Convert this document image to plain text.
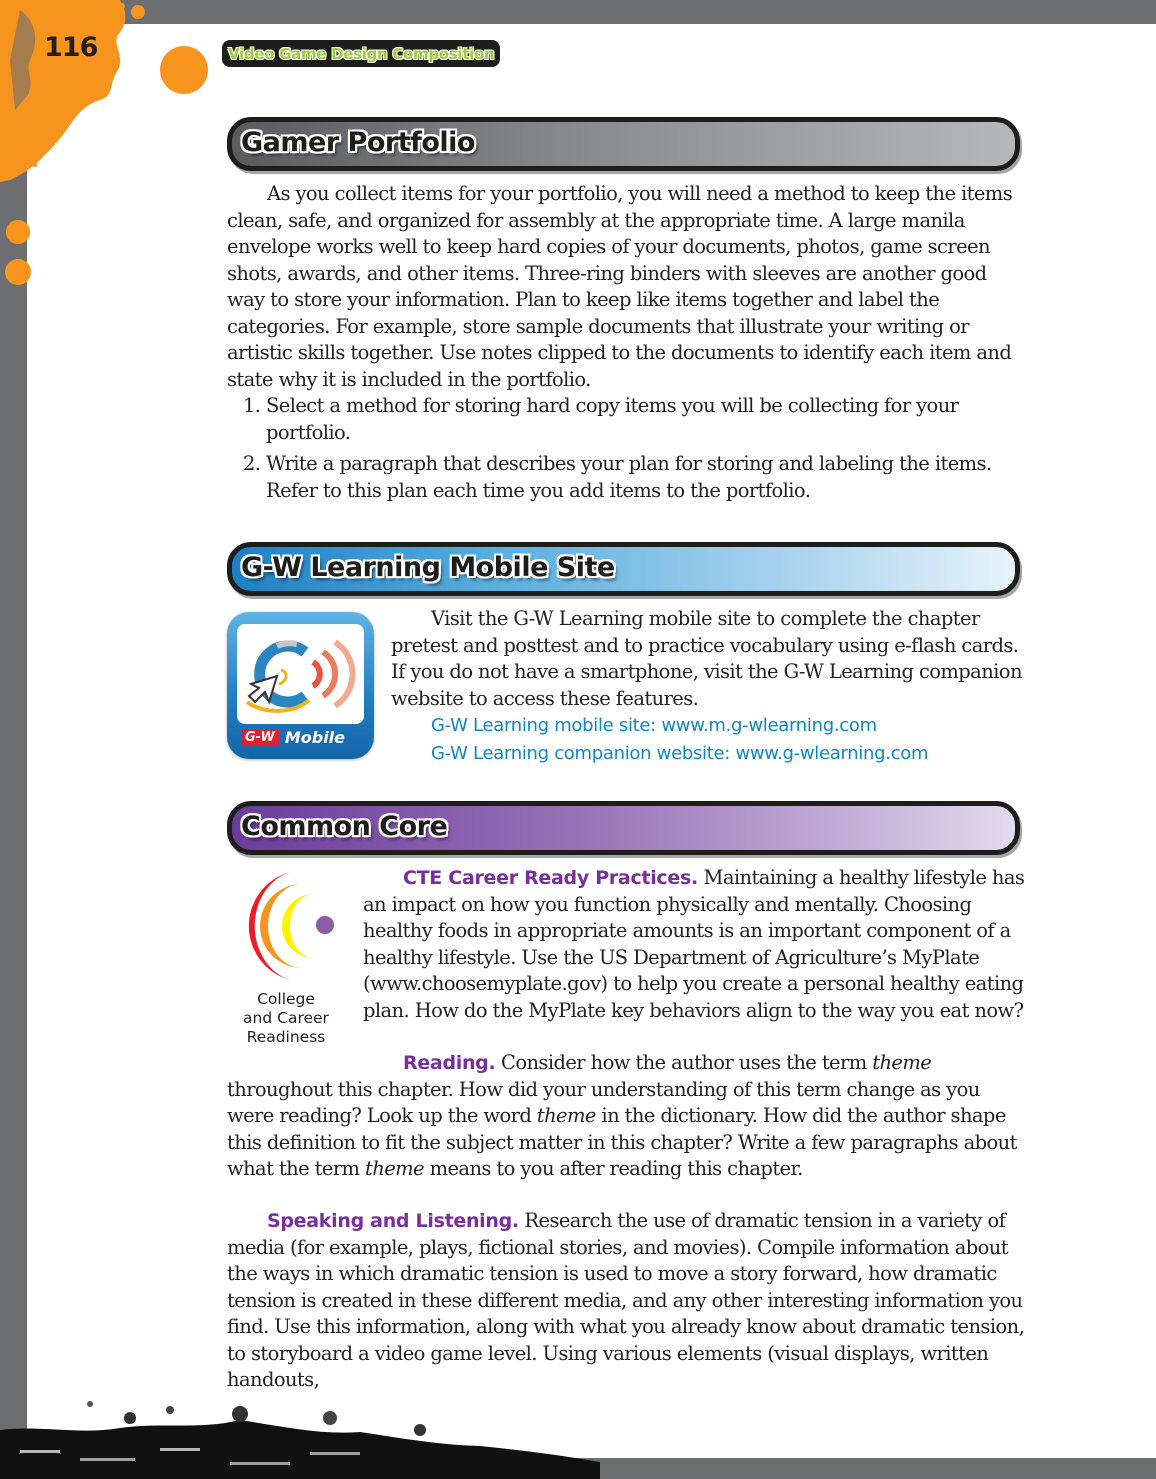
116	Video Game Design Composition
Gamer Portfolio

As you collect items for your portfolio, you will need a method to keep the items clean, safe, and organized for assembly at the appropriate time. A large manila envelope works well to keep hard copies of your documents, photos, game screen shots, awards, and other items. Three-ring binders with sleeves are another good way to store your information. Plan to keep like items together and label the categories. For example, store sample documents that illustrate your writing or artistic skills together. Use notes clipped to the documents to identify each item and state why it is included in the portfolio.

1. Select a method for storing hard copy items you will be collecting for your portfolio.
2. Write a paragraph that describes your plan for storing and labeling the items. Refer to this plan each time you add items to the portfolio.
G-W Learning Mobile Site
G-W Mobile

Visit the G-W Learning mobile site to complete the chapter pretest and posttest and to practice vocabulary using e-flash cards. If you do not have a smartphone, visit the G-W Learning companion website to access these features.

G-W Learning mobile site: www.m.g-wlearning.com
G-W Learning companion website: www.g-wlearning.com
Common Core
College
and Career
Readiness

CTE Career Ready Practices. Maintaining a healthy lifestyle has an impact on how you function physically and mentally. Choosing healthy foods in appropriate amounts is an important component of a healthy lifestyle. Use the US Department of Agriculture’s MyPlate (www.choosemyplate.gov) to help you create a personal healthy eating plan. How do the MyPlate key behaviors align to the way you eat now?

Reading. Consider how the author uses the term theme throughout this chapter. How did your understanding of this term change as you were reading? Look up the word theme in the dictionary. How did the author shape this definition to fit the subject matter in this chapter? Write a few paragraphs about what the term theme means to you after reading this chapter.

Speaking and Listening. Research the use of dramatic tension in a variety of media (for example, plays, fictional stories, and movies). Compile information about the ways in which dramatic tension is used to move a story forward, how dramatic tension is created in these different media, and any other interesting information you find. Use this information, along with what you already know about dramatic tension, to storyboard a video game level. Using various elements (visual displays, written handouts,
